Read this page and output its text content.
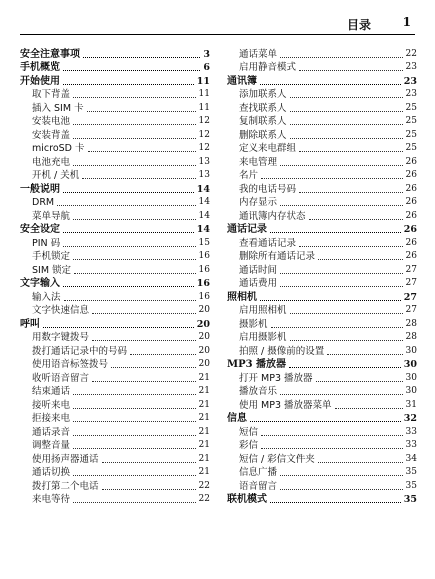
目录	1
安全注意事项	3
手机概览	6
开始使用	11
取下背盖	11
插入 SIM 卡	11
安装电池	12
安装背盖	12
microSD 卡	12
电池充电	13
开机 / 关机	13
一般说明	14
DRM	14
菜单导航	14
安全设定	14
PIN 码	15
手机锁定	16
SIM 锁定	16
文字输入	16
输入法	16
文字快速信息	20
呼叫	20
用数字键拨号	20
拨打通话记录中的号码	20
使用语音标签拨号	20
收听语音留言	21
结束通话	21
接听来电	21
拒接来电	21
通话录音	21
调整音量	21
使用扬声器通话	21
通话切换	21
拨打第二个电话	22
来电等待	22
通话菜单	22
启用静音模式	23
通讯簿	23
添加联系人	23
查找联系人	25
复制联系人	25
删除联系人	25
定义来电群组	25
来电管理	26
名片	26
我的电话号码	26
内存显示	26
通讯簿内存状态	26
通话记录	26
查看通话记录	26
删除所有通话记录	26
通话时间	27
通话费用	27
照相机	27
启用照相机	27
摄影机	28
启用摄影机	28
拍照 / 摄像前的设置	30
MP3 播放器	30
打开 MP3 播放器	30
播放音乐	30
使用 MP3 播放器菜单	31
信息	32
短信	33
彩信	33
短信 / 彩信文件夹	34
信息广播	35
语音留言	35
联机模式	35
